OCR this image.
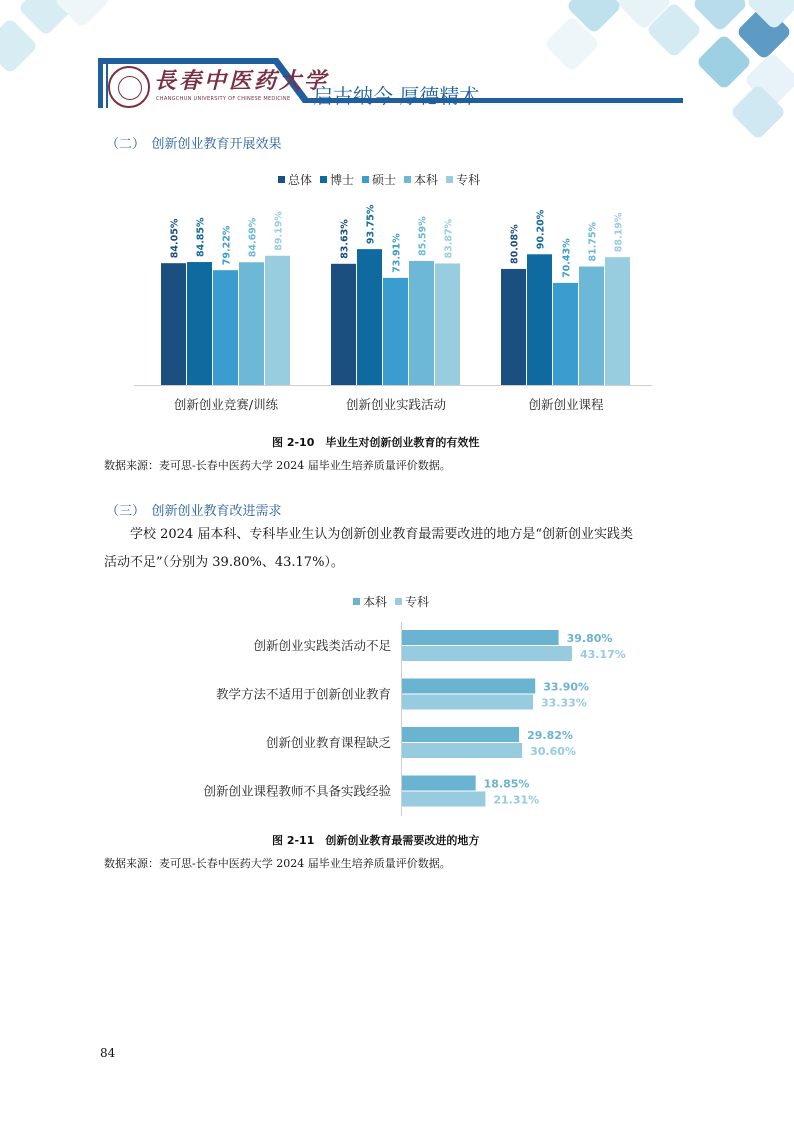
長春中医药大学
CHANGCHUN UNIVERSITY OF CHINESE MEDICINE 启古纳今 厚德精术
（二）　创新创业教育开展效果
总体 博士 硕士 本科 专科
84.05% 84.85% 79.22% 84.69% 89.19%
创新创业竞赛/训练
83.63% 93.75%
73.91% 85.59% 83.87%
创新创业实践活动
80.08% 90.20%
70.43% 81.75% 88.19%
创新创业课程
图 2-10　毕业生对创新创业教育的有效性
数据来源：麦可思-长春中医药大学 2024 届毕业生培养质量评价数据。
（三）　创新创业教育改进需求
学校 2024 届本科、专科毕业生认为创新创业教育最需要改进的地方是“创新创业实践类
活动不足”（分别为 39.80%、43.17%）。
本科 专科
39.80%
43.17%
创新创业实践类活动不足
33.90%
33.33%
教学方法不适用于创新创业教育
29.82%
30.60%
创新创业教育课程缺乏
18.85%
21.31%
创新创业课程教师不具备实践经验
图 2-11　创新创业教育最需要改进的地方
数据来源：麦可思-长春中医药大学 2024 届毕业生培养质量评价数据。
84
